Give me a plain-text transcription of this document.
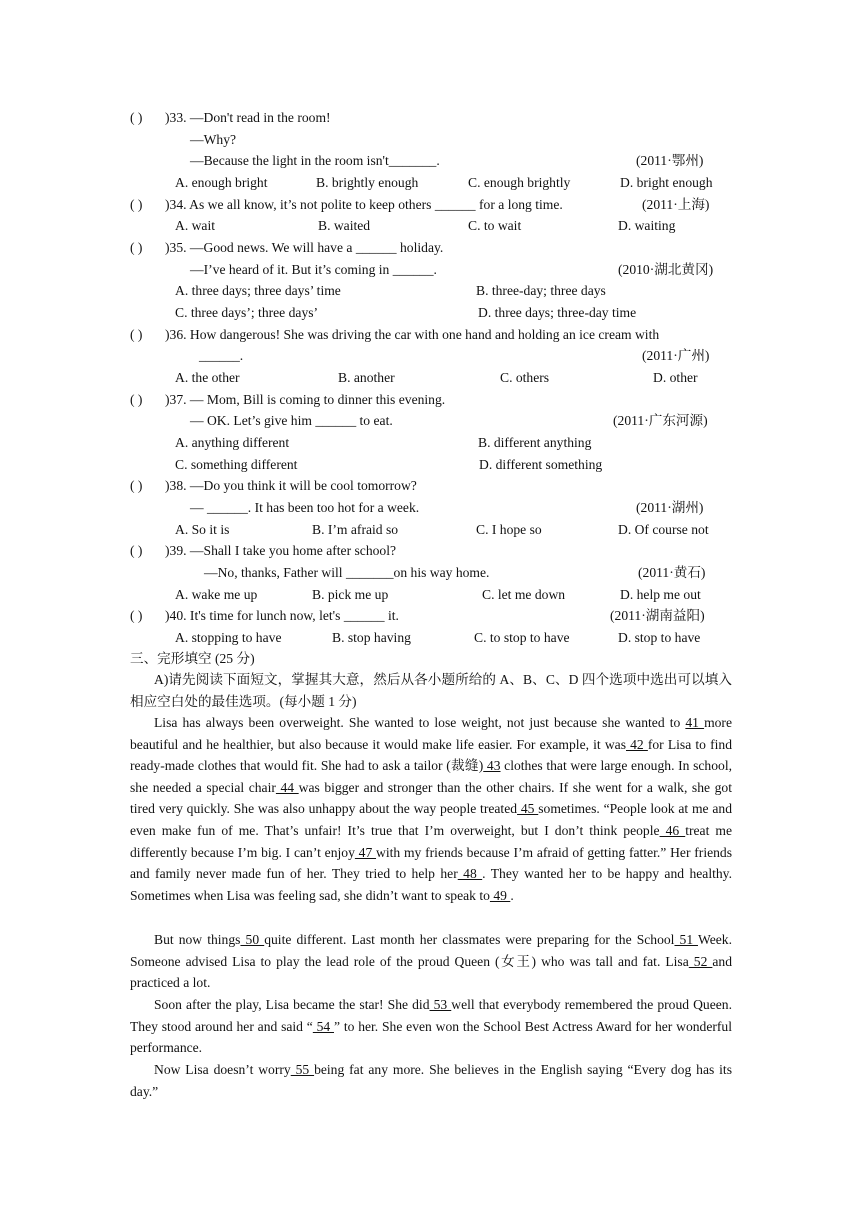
( ) )33. —Don't read in the room!
—Why?
—Because the light in the room isn't_______.	(2011·鄂州)
A. enough bright	B. brightly enough	C. enough brightly	D. bright enough
( ) )34. As we all know, it’s not polite to keep others ______ for a long time.	(2011·上海)
A. wait	B. waited	C. to wait	D. waiting
( ) )35. —Good news. We will have a ______ holiday.
—I’ve heard of it. But it’s coming in ______.	(2010·湖北黄冈)
A. three days; three days’ time	B. three-day; three days
C. three days’; three days’	D. three days; three-day time
( ) )36. How dangerous! She was driving the car with one hand and holding an ice cream with
______.	(2011·广州)
A. the other	B. another	C. others	D. other
( ) )37. — Mom, Bill is coming to dinner this evening.
— OK. Let’s give him ______ to eat.	(2011·广东河源)
A. anything different	B. different anything
C. something different	D. different something
( ) )38. —Do you think it will be cool tomorrow?
— ______. It has been too hot for a week.	(2011·湖州)
A. So it is	B. I’m afraid so	C. I hope so	D. Of course not
( ) )39. —Shall I take you home after school?
—No, thanks, Father will _______on his way home.	(2011·黄石)
A. wake me up	B. pick me up	C. let me down	D. help me out
( ) )40. It's time for lunch now, let's ______ it.	(2011·湖南益阳)
A. stopping to have	B. stop having	C. to stop to have	D. stop to have
三、完形填空 (25 分)
A)请先阅读下面短文，掌握其大意，然后从各小题所给的 A、B、C、D 四个选项中选出可以填入相应空白处的最佳选项。(每小题 1 分)
Lisa has always been overweight. She wanted to lose weight, not just because she wanted to 41 more beautiful and he healthier, but also because it would make life easier. For example, it was 42 for Lisa to find ready-made clothes that would fit. She had to ask a tailor (裁缝) 43 clothes that were large enough. In school, she needed a special chair 44 was bigger and stronger than the other chairs. If she went for a walk, she got tired very quickly. She was also unhappy about the way people treated 45 sometimes. “People look at me and even make fun of me. That’s unfair! It’s true that I’m overweight, but I don’t think people 46 treat me differently because I’m big. I can’t enjoy 47 with my friends because I’m afraid of getting fatter.” Her friends and family never made fun of her. They tried to help her 48 . They wanted her to be happy and healthy. Sometimes when Lisa was feeling sad, she didn’t want to speak to 49 .
But now things 50 quite different. Last month her classmates were preparing for the School 51 Week. Someone advised Lisa to play the lead role of the proud Queen (女王) who was tall and fat. Lisa 52 and practiced a lot.
Soon after the play, Lisa became the star! She did 53 well that everybody remembered the proud Queen. They stood around her and said “ 54 ” to her. She even won the School Best Actress Award for her wonderful performance.
Now Lisa doesn’t worry 55 being fat any more. She believes in the English saying “Every dog has its day.”
